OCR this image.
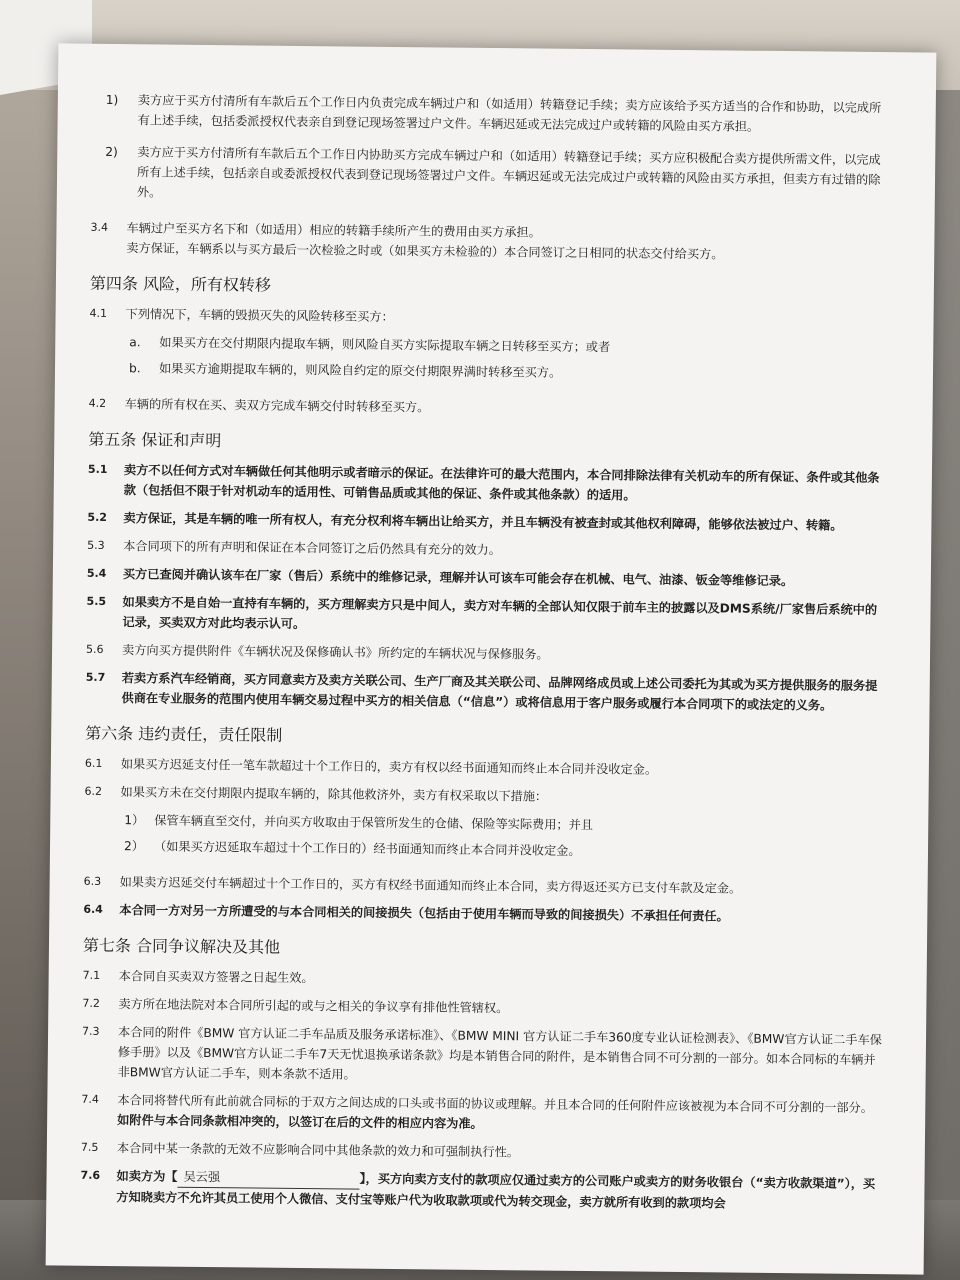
1) 卖方应于买方付清所有车款后五个工作日内负责完成车辆过户和（如适用）转籍登记手续；卖方应该给予买方适当的合作和协助，以完成所有上述手续，包括委派授权代表亲自到登记现场签署过户文件。车辆迟延或无法完成过户或转籍的风险由买方承担。
2) 卖方应于买方付清所有车款后五个工作日内协助买方完成车辆过户和（如适用）转籍登记手续；买方应积极配合卖方提供所需文件，以完成所有上述手续，包括亲自或委派授权代表到登记现场签署过户文件。车辆迟延或无法完成过户或转籍的风险由买方承担，但卖方有过错的除外。
3.4 车辆过户至买方名下和（如适用）相应的转籍手续所产生的费用由买方承担。
卖方保证，车辆系以与买方最后一次检验之时或（如果买方未检验的）本合同签订之日相同的状态交付给买方。
第四条 风险，所有权转移
4.1 下列情况下，车辆的毁损灭失的风险转移至买方：
a. 如果买方在交付期限内提取车辆，则风险自买方实际提取车辆之日转移至买方；或者
b. 如果买方逾期提取车辆的，则风险自约定的原交付期限界满时转移至买方。
4.2 车辆的所有权在买、卖双方完成车辆交付时转移至买方。
第五条 保证和声明
5.1 卖方不以任何方式对车辆做任何其他明示或者暗示的保证。在法律许可的最大范围内，本合同排除法律有关机动车的所有保证、条件或其他条款（包括但不限于针对机动车的适用性、可销售品质或其他的保证、条件或其他条款）的适用。
5.2 卖方保证，其是车辆的唯一所有权人，有充分权利将车辆出让给买方，并且车辆没有被查封或其他权利障碍，能够依法被过户、转籍。
5.3 本合同项下的所有声明和保证在本合同签订之后仍然具有充分的效力。
5.4 买方已查阅并确认该车在厂家（售后）系统中的维修记录，理解并认可该车可能会存在机械、电气、油漆、钣金等维修记录。
5.5 如果卖方不是自始一直持有车辆的，买方理解卖方只是中间人，卖方对车辆的全部认知仅限于前车主的披露以及DMS系统/厂家售后系统中的记录，买卖双方对此均表示认可。
5.6 卖方向买方提供附件《车辆状况及保修确认书》所约定的车辆状况与保修服务。
5.7 若卖方系汽车经销商，买方同意卖方及卖方关联公司、生产厂商及其关联公司、品牌网络成员或上述公司委托为其或为买方提供服务的服务提供商在专业服务的范围内使用车辆交易过程中买方的相关信息（“信息”）或将信息用于客户服务或履行本合同项下的或法定的义务。
第六条 违约责任，责任限制
6.1 如果买方迟延支付任一笔车款超过十个工作日的，卖方有权以经书面通知而终止本合同并没收定金。
6.2 如果买方未在交付期限内提取车辆的，除其他救济外，卖方有权采取以下措施：
1） 保管车辆直至交付，并向买方收取由于保管所发生的仓储、保险等实际费用；并且
2） （如果买方迟延取车超过十个工作日的）经书面通知而终止本合同并没收定金。
6.3 如果卖方迟延交付车辆超过十个工作日的，买方有权经书面通知而终止本合同，卖方得返还买方已支付车款及定金。
6.4 本合同一方对另一方所遭受的与本合同相关的间接损失（包括由于使用车辆而导致的间接损失）不承担任何责任。
第七条 合同争议解决及其他
7.1 本合同自买卖双方签署之日起生效。
7.2 卖方所在地法院对本合同所引起的或与之相关的争议享有排他性管辖权。
7.3 本合同的附件《BMW 官方认证二手车品质及服务承诺标准》、《BMW MINI 官方认证二手车360度专业认证检测表》、《BMW官方认证二手车保修手册》以及《BMW官方认证二手车7天无忧退换承诺条款》均是本销售合同的附件，是本销售合同不可分割的一部分。如本合同标的车辆并非BMW官方认证二手车，则本条款不适用。
7.4 本合同将替代所有此前就合同标的于双方之间达成的口头或书面的协议或理解。并且本合同的任何附件应该被视为本合同不可分割的一部分。如附件与本合同条款相冲突的，以签订在后的文件的相应内容为准。
7.5 本合同中某一条款的无效不应影响合同中其他条款的效力和可强制执行性。
7.6 如卖方为【 吴云强	】，买方向卖方支付的款项应仅通过卖方的公司账户或卖方的财务收银台（“卖方收款渠道”），买方知晓卖方不允许其员工使用个人微信、支付宝等账户代为收取款项或代为转交现金，卖方就所有收到的款项均会
